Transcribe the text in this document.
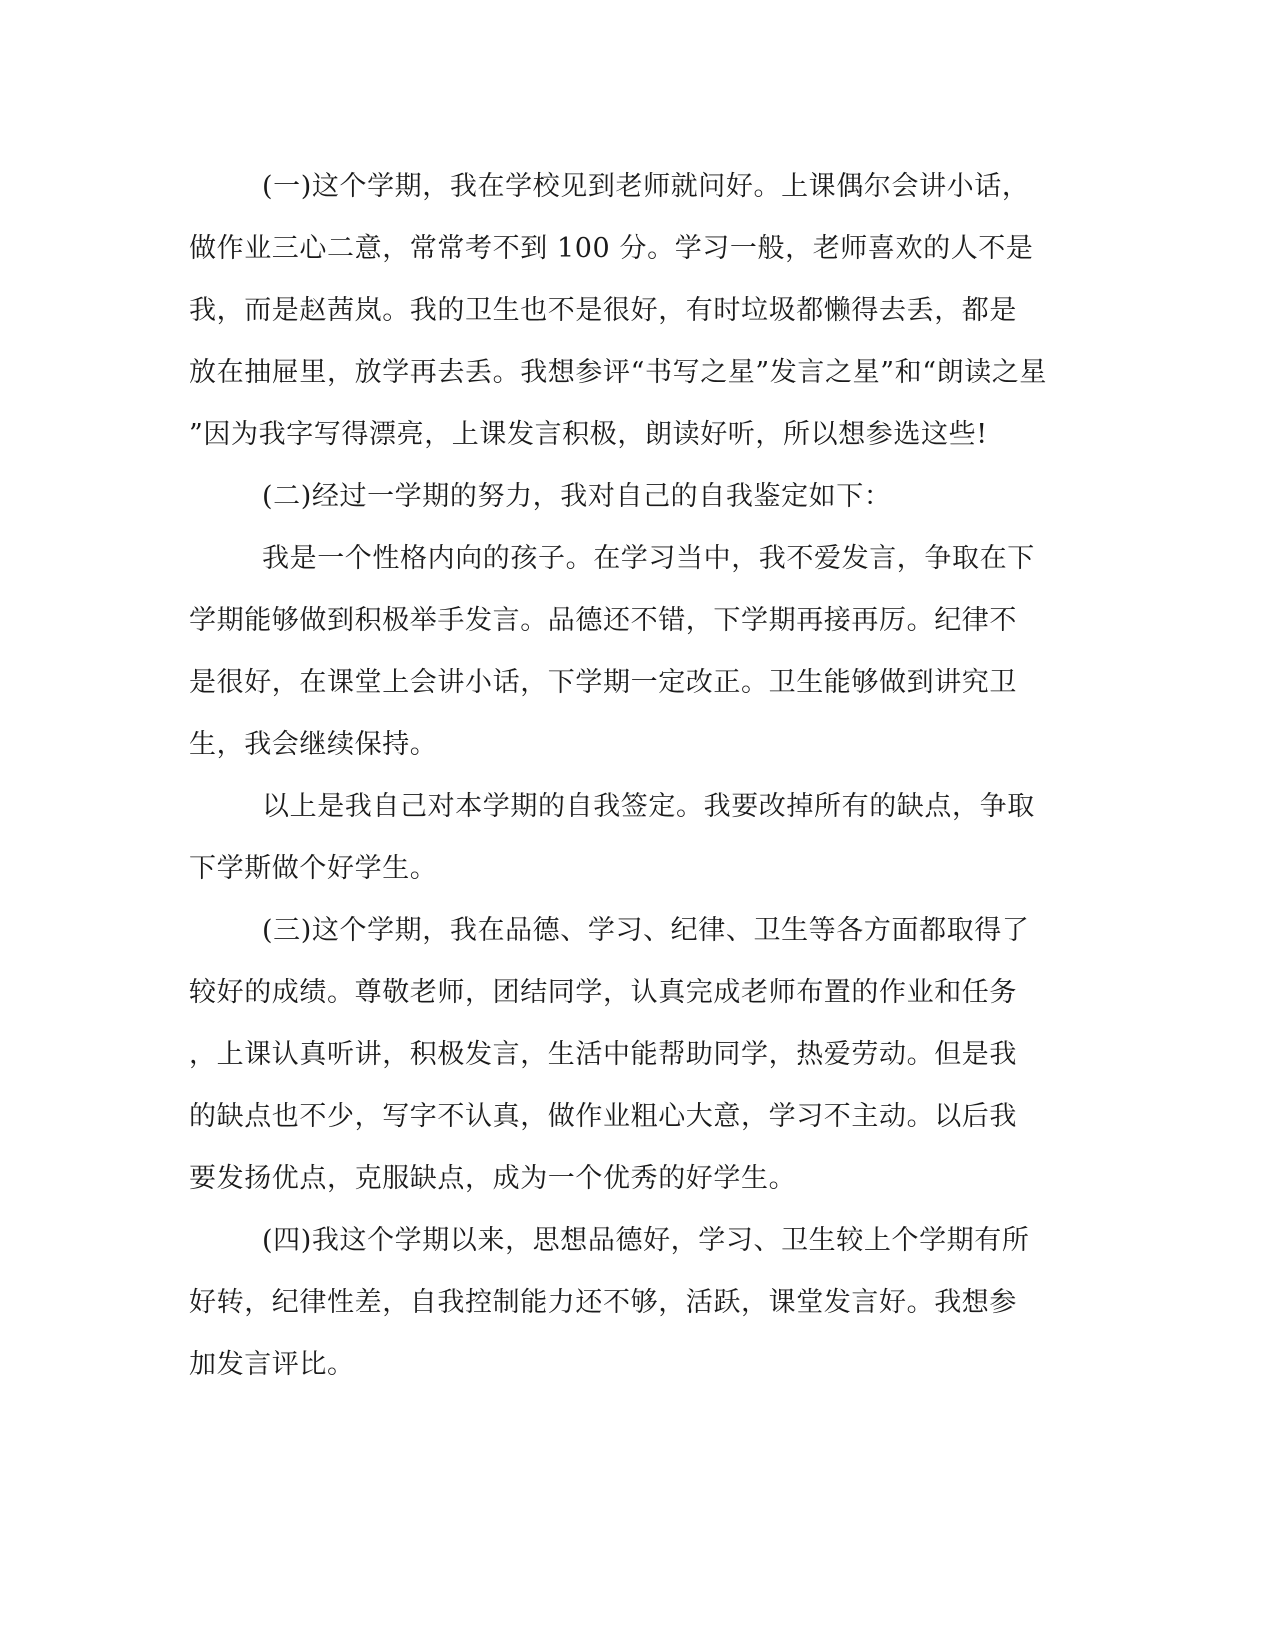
(一)这个学期，我在学校见到老师就问好。上课偶尔会讲小话，
做作业三心二意，常常考不到 100 分。学习一般，老师喜欢的人不是
我，而是赵茜岚。我的卫生也不是很好，有时垃圾都懒得去丢，都是
放在抽屉里，放学再去丢。我想参评“书写之星”发言之星”和“朗读之星
”因为我字写得漂亮，上课发言积极，朗读好听，所以想参选这些!
(二)经过一学期的努力，我对自己的自我鉴定如下：
我是一个性格内向的孩子。在学习当中，我不爱发言，争取在下
学期能够做到积极举手发言。品德还不错，下学期再接再厉。纪律不
是很好，在课堂上会讲小话，下学期一定改正。卫生能够做到讲究卫
生，我会继续保持。
以上是我自己对本学期的自我签定。我要改掉所有的缺点，争取
下学斯做个好学生。
(三)这个学期，我在品德、学习、纪律、卫生等各方面都取得了
较好的成绩。尊敬老师，团结同学，认真完成老师布置的作业和任务
，上课认真听讲，积极发言，生活中能帮助同学，热爱劳动。但是我
的缺点也不少，写字不认真，做作业粗心大意，学习不主动。以后我
要发扬优点，克服缺点，成为一个优秀的好学生。
(四)我这个学期以来，思想品德好，学习、卫生较上个学期有所
好转，纪律性差，自我控制能力还不够，活跃，课堂发言好。我想参
加发言评比。
